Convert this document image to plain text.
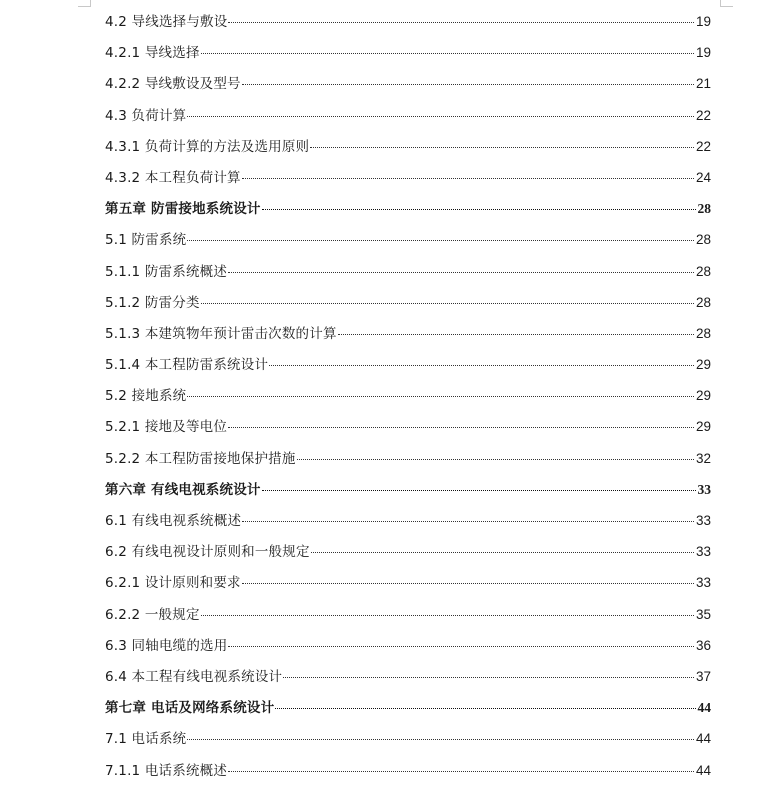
4.2 导线选择与敷设	19
4.2.1 导线选择	19
4.2.2 导线敷设及型号	21
4.3 负荷计算	22
4.3.1 负荷计算的方法及选用原则	22
4.3.2 本工程负荷计算	24
第五章 防雷接地系统设计	28
5.1 防雷系统	28
5.1.1 防雷系统概述	28
5.1.2 防雷分类	28
5.1.3 本建筑物年预计雷击次数的计算	28
5.1.4 本工程防雷系统设计	29
5.2 接地系统	29
5.2.1 接地及等电位	29
5.2.2 本工程防雷接地保护措施	32
第六章 有线电视系统设计	33
6.1 有线电视系统概述	33
6.2 有线电视设计原则和一般规定	33
6.2.1 设计原则和要求	33
6.2.2 一般规定	35
6.3 同轴电缆的选用	36
6.4 本工程有线电视系统设计	37
第七章 电话及网络系统设计	44
7.1 电话系统	44
7.1.1 电话系统概述	44
